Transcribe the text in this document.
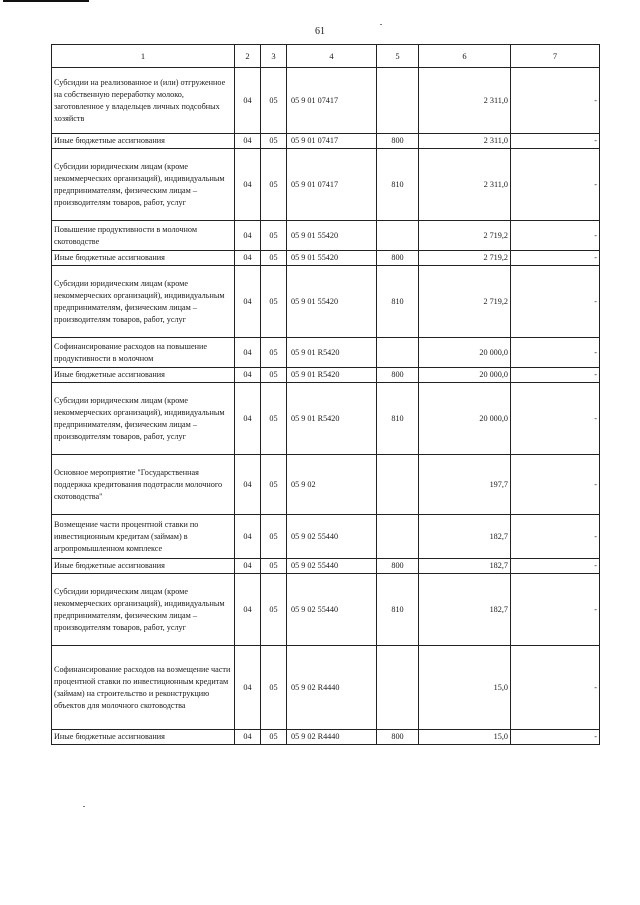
61
1	2	3	4	5	6	7
Субсидии на реализованное и (или) отгруженное на собственную переработку молоко, заготовленное у владельцев личных подсобных хозяйств	04	05	05 9 01 07417		2 311,0	-
Иные бюджетные ассигнования	04	05	05 9 01 07417	800	2 311,0	-
Субсидии юридическим лицам (кроме некоммерческих организаций), индивидуальным предпринимателям, физическим лицам – производителям товаров, работ, услуг	04	05	05 9 01 07417	810	2 311,0	-
Повышение продуктивности в молочном скотоводстве	04	05	05 9 01 55420		2 719,2	-
Иные бюджетные ассигнования	04	05	05 9 01 55420	800	2 719,2	-
Субсидии юридическим лицам (кроме некоммерческих организаций), индивидуальным предпринимателям, физическим лицам – производителям товаров, работ, услуг	04	05	05 9 01 55420	810	2 719,2	-
Софинансирование расходов на повышение продуктивности в молочном	04	05	05 9 01 R5420		20 000,0	-
Иные бюджетные ассигнования	04	05	05 9 01 R5420	800	20 000,0	-
Субсидии юридическим лицам (кроме некоммерческих организаций), индивидуальным предпринимателям, физическим лицам – производителям товаров, работ, услуг	04	05	05 9 01 R5420	810	20 000,0	-
Основное мероприятие "Государственная поддержка кредитования подотрасли молочного скотоводства"	04	05	05 9 02		197,7	-
Возмещение части процентной ставки по инвестиционным кредитам (займам) в агропромышленном комплексе	04	05	05 9 02 55440		182,7	-
Иные бюджетные ассигнования	04	05	05 9 02 55440	800	182,7	-
Субсидии юридическим лицам (кроме некоммерческих организаций), индивидуальным предпринимателям, физическим лицам – производителям товаров, работ, услуг	04	05	05 9 02 55440	810	182,7	-
Софинансирование расходов на возмещение части процентной ставки по инвестиционным кредитам (займам) на строительство и реконструкцию объектов для молочного скотоводства	04	05	05 9 02 R4440		15,0	-
Иные бюджетные ассигнования	04	05	05 9 02 R4440	800	15,0	-
